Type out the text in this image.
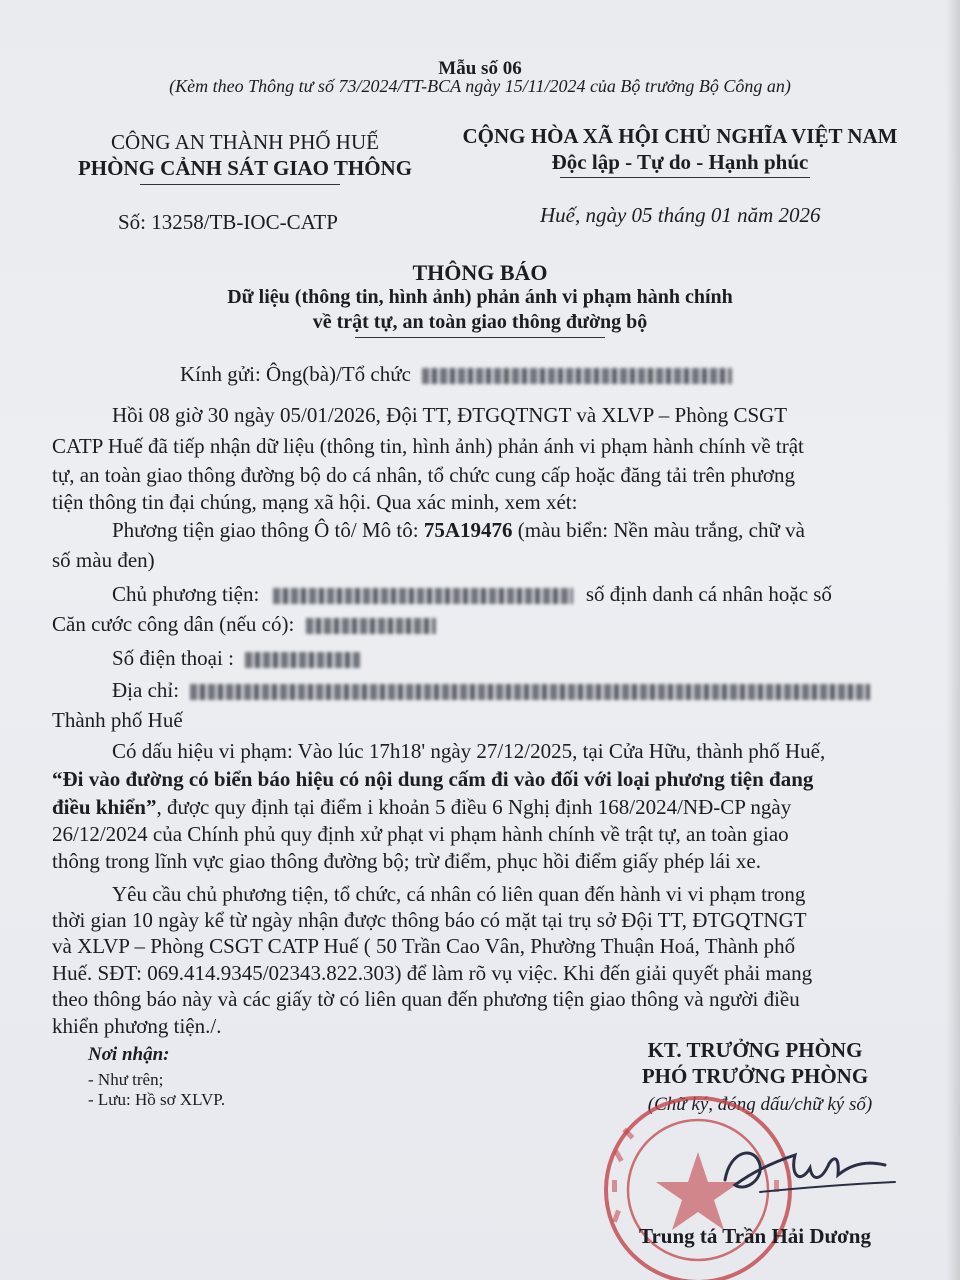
Mẫu số 06
(Kèm theo Thông tư số 73/2024/TT-BCA ngày 15/11/2024 của Bộ trưởng Bộ Công an)
CÔNG AN THÀNH PHỐ HUẾ
PHÒNG CẢNH SÁT GIAO THÔNG
CỘNG HÒA XÃ HỘI CHỦ NGHĨA VIỆT NAM
Độc lập - Tự do - Hạnh phúc
Số: 13258/TB-IOC-CATP	Huế, ngày 05 tháng 01 năm 2026
THÔNG BÁO
Dữ liệu (thông tin, hình ảnh) phản ánh vi phạm hành chính
về trật tự, an toàn giao thông đường bộ
Kính gửi: Ông(bà)/Tổ chức
Hồi 08 giờ 30 ngày 05/01/2026, Đội TT, ĐTGQTNGT và XLVP – Phòng CSGT
CATP Huế đã tiếp nhận dữ liệu (thông tin, hình ảnh) phản ánh vi phạm hành chính về trật
tự, an toàn giao thông đường bộ do cá nhân, tổ chức cung cấp hoặc đăng tải trên phương
tiện thông tin đại chúng, mạng xã hội. Qua xác minh, xem xét:
Phương tiện giao thông Ô tô/ Mô tô: 75A19476 (màu biển: Nền màu trắng, chữ và
số màu đen)
Chủ phương tiện:	số định danh cá nhân hoặc số
Căn cước công dân (nếu có):
Số điện thoại :
Địa chỉ:
Thành phố Huế
Có dấu hiệu vi phạm: Vào lúc 17h18' ngày 27/12/2025, tại Cửa Hữu, thành phố Huế,
“Đi vào đường có biển báo hiệu có nội dung cấm đi vào đối với loại phương tiện đang
điều khiển”, được quy định tại điểm i khoản 5 điều 6 Nghị định 168/2024/NĐ-CP ngày
26/12/2024 của Chính phủ quy định xử phạt vi phạm hành chính về trật tự, an toàn giao
thông trong lĩnh vực giao thông đường bộ; trừ điểm, phục hồi điểm giấy phép lái xe.
Yêu cầu chủ phương tiện, tổ chức, cá nhân có liên quan đến hành vi vi phạm trong
thời gian 10 ngày kể từ ngày nhận được thông báo có mặt tại trụ sở Đội TT, ĐTGQTNGT
và XLVP – Phòng CSGT CATP Huế ( 50 Trần Cao Vân, Phường Thuận Hoá, Thành phố
Huế. SĐT: 069.414.9345/02343.822.303) để làm rõ vụ việc. Khi đến giải quyết phải mang
theo thông báo này và các giấy tờ có liên quan đến phương tiện giao thông và người điều
khiển phương tiện./.
Nơi nhận:
- Như trên;
- Lưu: Hồ sơ XLVP.
KT. TRƯỞNG PHÒNG
PHÓ TRƯỞNG PHÒNG
(Chữ ký, đóng dấu/chữ ký số)
Trung tá Trần Hải Dương
